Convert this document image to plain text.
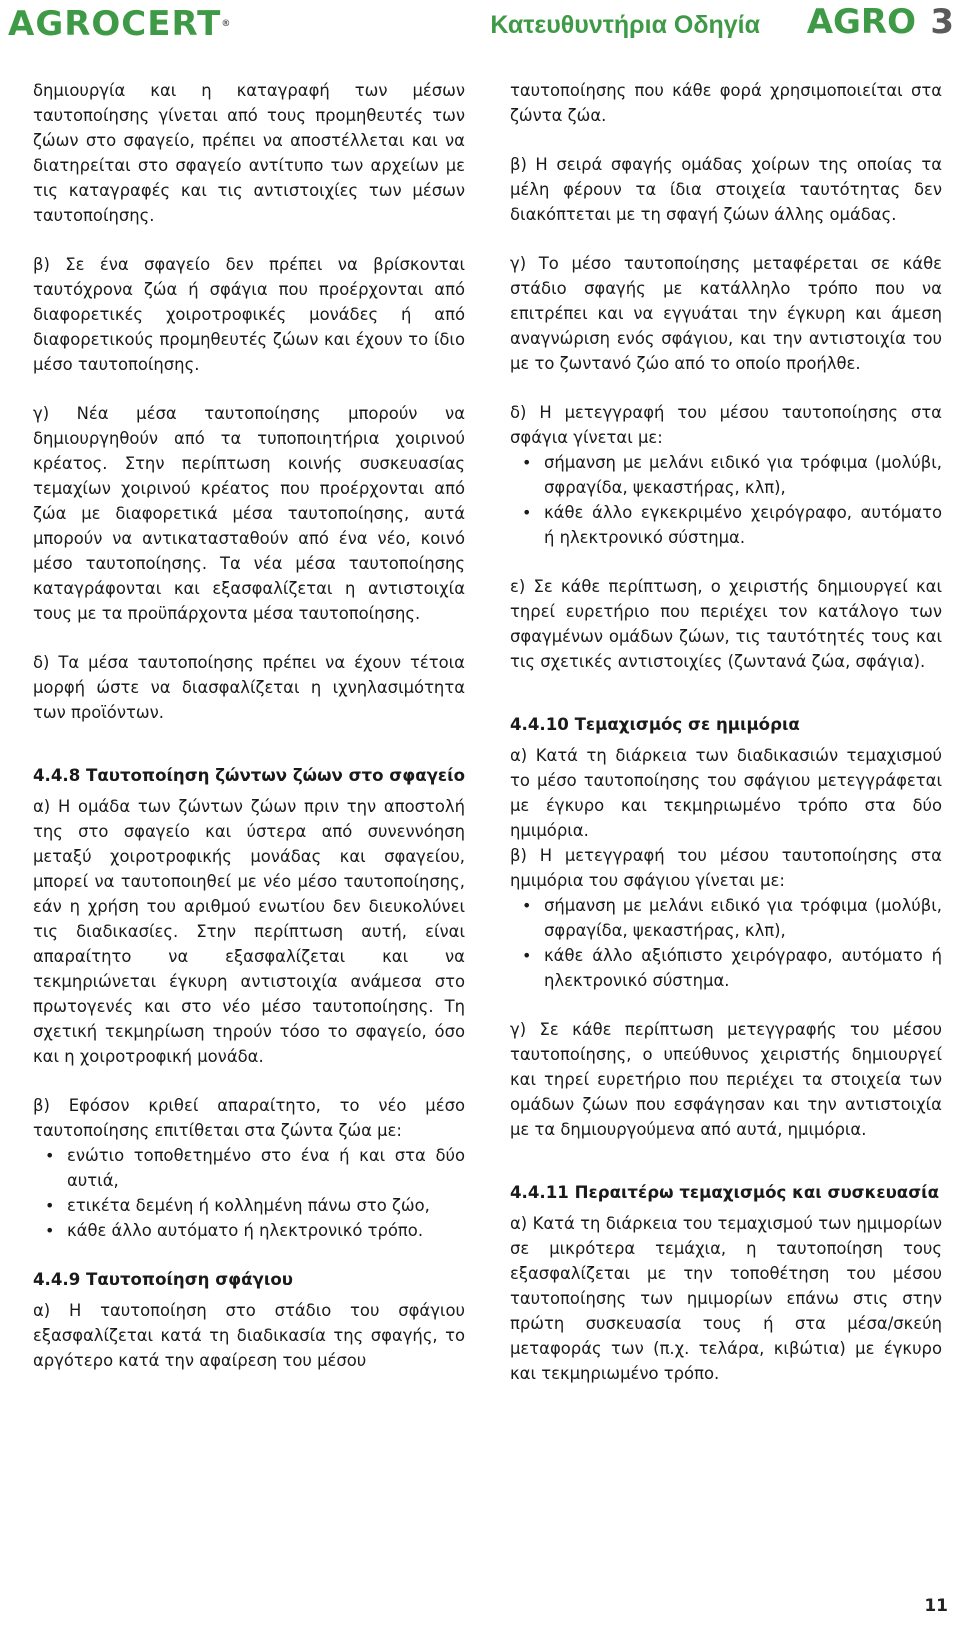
AGROCERT®	Κατευθυντήρια Οδηγία AGRO 3

δημιουργία και η καταγραφή των μέσων ταυτοποίησης γίνεται από τους προμηθευτές των ζώων στο σφαγείο, πρέπει να αποστέλλεται και να διατηρείται στο σφαγείο αντίτυπο των αρχείων με τις καταγραφές και τις αντιστοιχίες των μέσων ταυτοποίησης.

β) Σε ένα σφαγείο δεν πρέπει να βρίσκονται ταυτόχρονα ζώα ή σφάγια που προέρχονται από διαφορετικές χοιροτροφικές μονάδες ή από διαφορετικούς προμηθευτές ζώων και έχουν το ίδιο μέσο ταυτοποίησης.

γ) Νέα μέσα ταυτοποίησης μπορούν να δημιουργηθούν από τα τυποποιητήρια χοιρινού κρέατος. Στην περίπτωση κοινής συσκευασίας τεμαχίων χοιρινού κρέατος που προέρχονται από ζώα με διαφορετικά μέσα ταυτοποίησης, αυτά μπορούν να αντικατασταθούν από ένα νέο, κοινό μέσο ταυτοποίησης. Τα νέα μέσα ταυτοποίησης καταγράφονται και εξασφαλίζεται η αντιστοιχία τους με τα προϋπάρχοντα μέσα ταυτοποίησης.

δ) Τα μέσα ταυτοποίησης πρέπει να έχουν τέτοια μορφή ώστε να διασφαλίζεται η ιχνηλασιμότητα των προϊόντων.

4.4.8 Ταυτοποίηση ζώντων ζώων στο σφαγείο

α) Η ομάδα των ζώντων ζώων πριν την αποστολή της στο σφαγείο και ύστερα από συνεννόηση μεταξύ χοιροτροφικής μονάδας και σφαγείου, μπορεί να ταυτοποιηθεί με νέο μέσο ταυτοποίησης, εάν η χρήση του αριθμού ενωτίου δεν διευκολύνει τις διαδικασίες. Στην περίπτωση αυτή, είναι απαραίτητο να εξασφαλίζεται και να τεκμηριώνεται έγκυρη αντιστοιχία ανάμεσα στο πρωτογενές και στο νέο μέσο ταυτοποίησης. Τη σχετική τεκμηρίωση τηρούν τόσο το σφαγείο, όσο και η χοιροτροφική μονάδα.

β) Εφόσον κριθεί απαραίτητο, το νέο μέσο ταυτοποίησης επιτίθεται στα ζώντα ζώα με:

• ενώτιο τοποθετημένο στο ένα ή και στα δύο αυτιά,
• ετικέτα δεμένη ή κολλημένη πάνω στο ζώο,
• κάθε άλλο αυτόματο ή ηλεκτρονικό τρόπο.
4.4.9 Ταυτοποίηση σφάγιου

α) Η ταυτοποίηση στο στάδιο του σφάγιου εξασφαλίζεται κατά τη διαδικασία της σφαγής, το αργότερο κατά την αφαίρεση του μέσου

ταυτοποίησης που κάθε φορά χρησιμοποιείται στα ζώντα ζώα.

β) Η σειρά σφαγής ομάδας χοίρων της οποίας τα μέλη φέρουν τα ίδια στοιχεία ταυτότητας δεν διακόπτεται με τη σφαγή ζώων άλλης ομάδας.

γ) Το μέσο ταυτοποίησης μεταφέρεται σε κάθε στάδιο σφαγής με κατάλληλο τρόπο που να επιτρέπει και να εγγυάται την έγκυρη και άμεση αναγνώριση ενός σφάγιου, και την αντιστοιχία του με το ζωντανό ζώο από το οποίο προήλθε.

δ) Η μετεγγραφή του μέσου ταυτοποίησης στα σφάγια γίνεται με:

• σήμανση με μελάνι ειδικό για τρόφιμα (μολύβι, σφραγίδα, ψεκαστήρας, κλπ),
• κάθε άλλο εγκεκριμένο χειρόγραφο, αυτόματο ή ηλεκτρονικό σύστημα.

ε) Σε κάθε περίπτωση, ο χειριστής δημιουργεί και τηρεί ευρετήριο που περιέχει τον κατάλογο των σφαγμένων ομάδων ζώων, τις ταυτότητές τους και τις σχετικές αντιστοιχίες (ζωντανά ζώα, σφάγια).

4.4.10 Τεμαχισμός σε ημιμόρια

α) Κατά τη διάρκεια των διαδικασιών τεμαχισμού το μέσο ταυτοποίησης του σφάγιου μετεγγράφεται με έγκυρο και τεκμηριωμένο τρόπο στα δύο ημιμόρια.

β) Η μετεγγραφή του μέσου ταυτοποίησης στα ημιμόρια του σφάγιου γίνεται με:

• σήμανση με μελάνι ειδικό για τρόφιμα (μολύβι, σφραγίδα, ψεκαστήρας, κλπ),
• κάθε άλλο αξιόπιστο χειρόγραφο, αυτόματο ή ηλεκτρονικό σύστημα.

γ) Σε κάθε περίπτωση μετεγγραφής του μέσου ταυτοποίησης, ο υπεύθυνος χειριστής δημιουργεί και τηρεί ευρετήριο που περιέχει τα στοιχεία των ομάδων ζώων που εσφάγησαν και την αντιστοιχία με τα δημιουργούμενα από αυτά, ημιμόρια.

4.4.11 Περαιτέρω τεμαχισμός και συσκευασία

α) Κατά τη διάρκεια του τεμαχισμού των ημιμορίων σε μικρότερα τεμάχια, η ταυτοποίηση τους εξασφαλίζεται με την τοποθέτηση του μέσου ταυτοποίησης των ημιμορίων επάνω στις στην πρώτη συσκευασία τους ή στα μέσα/σκεύη μεταφοράς των (π.χ. τελάρα, κιβώτια) με έγκυρο και τεκμηριωμένο τρόπο.

11
